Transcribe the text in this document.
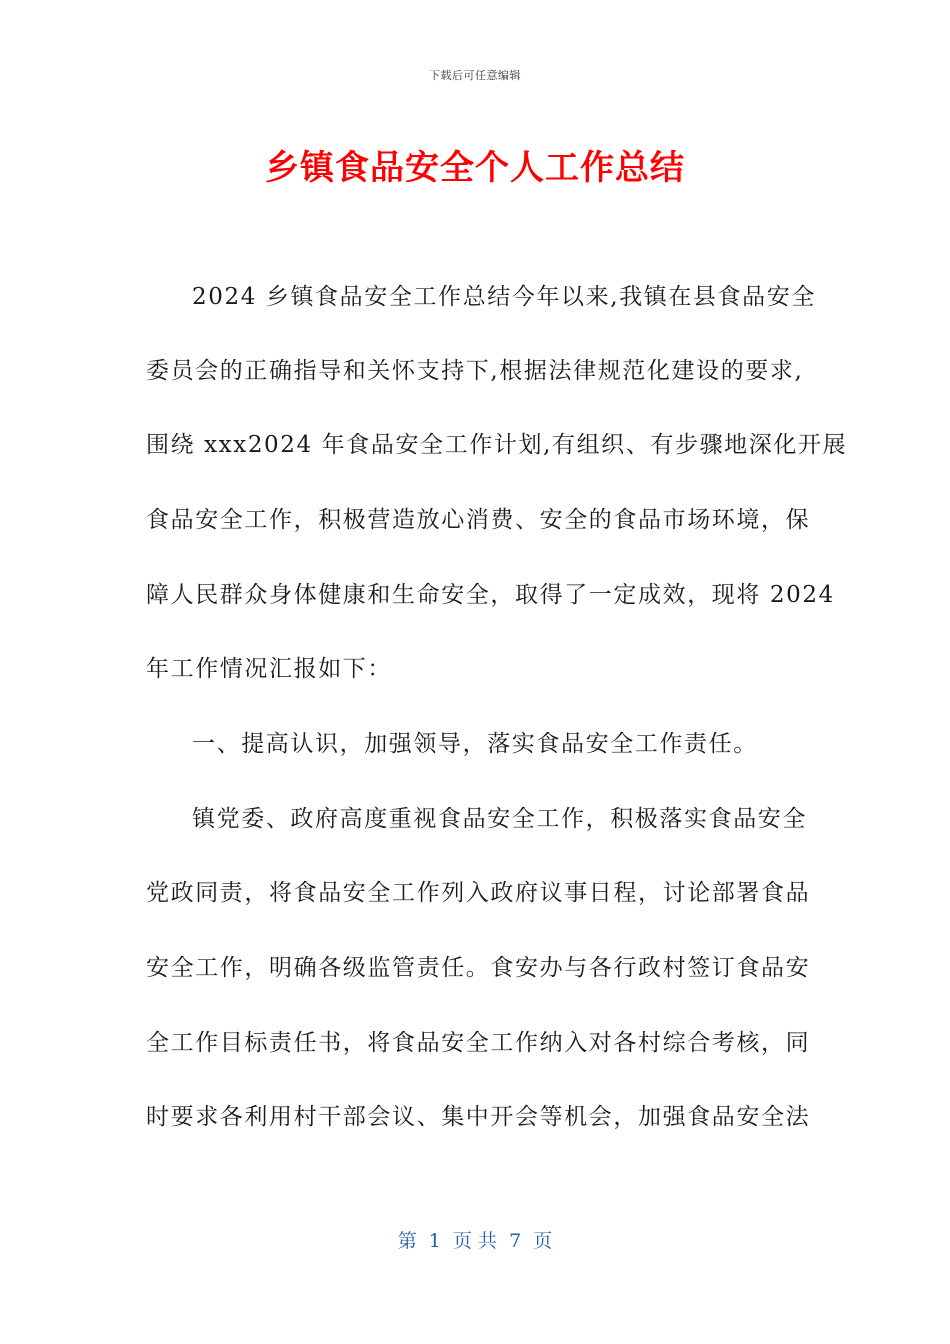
下载后可任意编辑
乡镇食品安全个人工作总结
2024 乡镇食品安全工作总结今年以来,我镇在县食品安全
委员会的正确指导和关怀支持下,根据法律规范化建设的要求,
围绕 xxx2024 年食品安全工作计划,有组织、有步骤地深化开展
食品安全工作，积极营造放心消费、安全的食品市场环境，保
障人民群众身体健康和生命安全，取得了一定成效，现将 2024
年工作情况汇报如下：
一、提高认识，加强领导，落实食品安全工作责任。
镇党委、政府高度重视食品安全工作，积极落实食品安全
党政同责，将食品安全工作列入政府议事日程，讨论部署食品
安全工作，明确各级监管责任。食安办与各行政村签订食品安
全工作目标责任书，将食品安全工作纳入对各村综合考核，同
时要求各利用村干部会议、集中开会等机会，加强食品安全法
第  1  页 共  7  页
